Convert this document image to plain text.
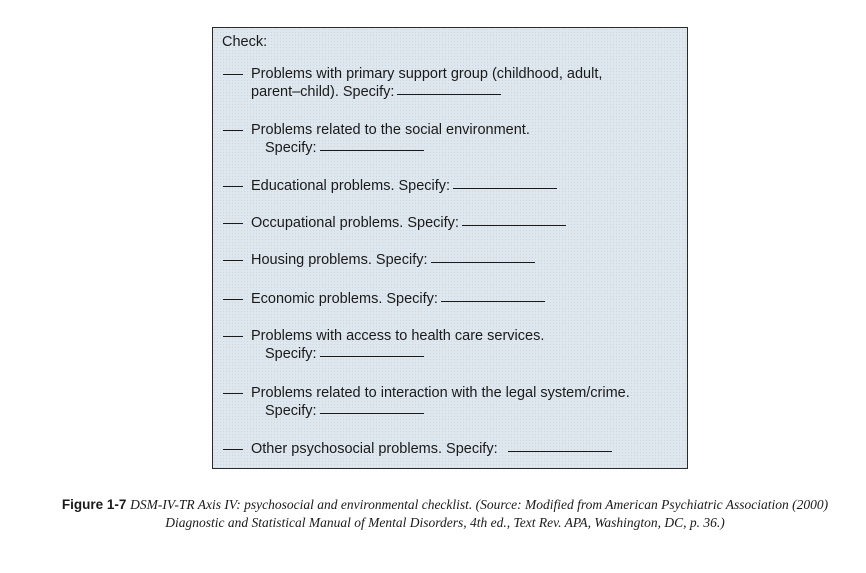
Check:
Problems with primary support group (childhood, adult,
parent–child). Specify:
Problems related to the social environment.
Specify:
Educational problems. Specify:
Occupational problems. Specify:
Housing problems. Specify:
Economic problems. Specify:
Problems with access to health care services.
Specify:
Problems related to interaction with the legal system/crime.
Specify:
Other psychosocial problems. Specify:
Figure 1-7 DSM-IV-TR Axis IV: psychosocial and environmental checklist. (Source: Modified from American Psychiatric Association (2000) Diagnostic and Statistical Manual of Mental Disorders, 4th ed., Text Rev. APA, Washington, DC, p. 36.)
